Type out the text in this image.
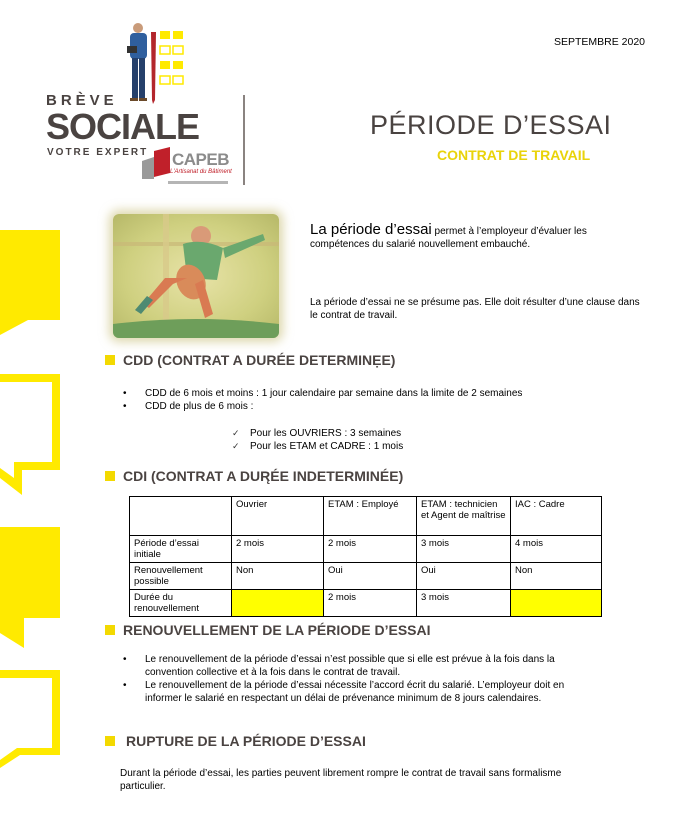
BRÈVE
SOCIALE
VOTRE EXPERT CAPEB
L'Artisanat du Bâtiment
SEPTEMBRE 2020
PÉRIODE D’ESSAI
CONTRAT DE TRAVAIL
La période d’essai permet à l’employeur d’évaluer les compétences du salarié nouvellement embauché.
La période d’essai ne se présume pas. Elle doit résulter d’une clause dans le contrat de travail.
CDD (CONTRAT A DURÉE DETERMINẸE)
• CDD de 6 mois et moins : 1 jour calendaire par semaine dans la limite de 2 semaines
• CDD de plus de 6 mois :
✓ Pour les OUVRIERS : 3 semaines
✓ Pour les ETAM et CADRE : 1 mois
CDI (CONTRAT A DUR̨ÉE INDETERMINÉE)
	Ouvrier	ETAM : Employé	ETAM : technicien et Agent de maîtrise	IAC : Cadre
Période d’essai initiale	2 mois	2 mois	3 mois	4 mois
Renouvellement possible	Non	Oui	Oui	Non
Durée du renouvellement		2 mois	3 mois	
RENOUVELLEMENT DE LA PÉRIODE D’ESSAI
• Le renouvellement de la période d’essai n’est possible que si elle est prévue à la fois dans la convention collective et à la fois dans le contrat de travail.
• Le renouvellement de la période d’essai nécessite l’accord écrit du salarié. L’employeur doit en informer le salarié en respectant un délai de prévenance minimum de 8 jours calendaires.
RUPTURE DE LA PÉRIODE D’ESSAI
Durant la période d’essai, les parties peuvent librement rompre le contrat de travail sans formalisme particulier.
